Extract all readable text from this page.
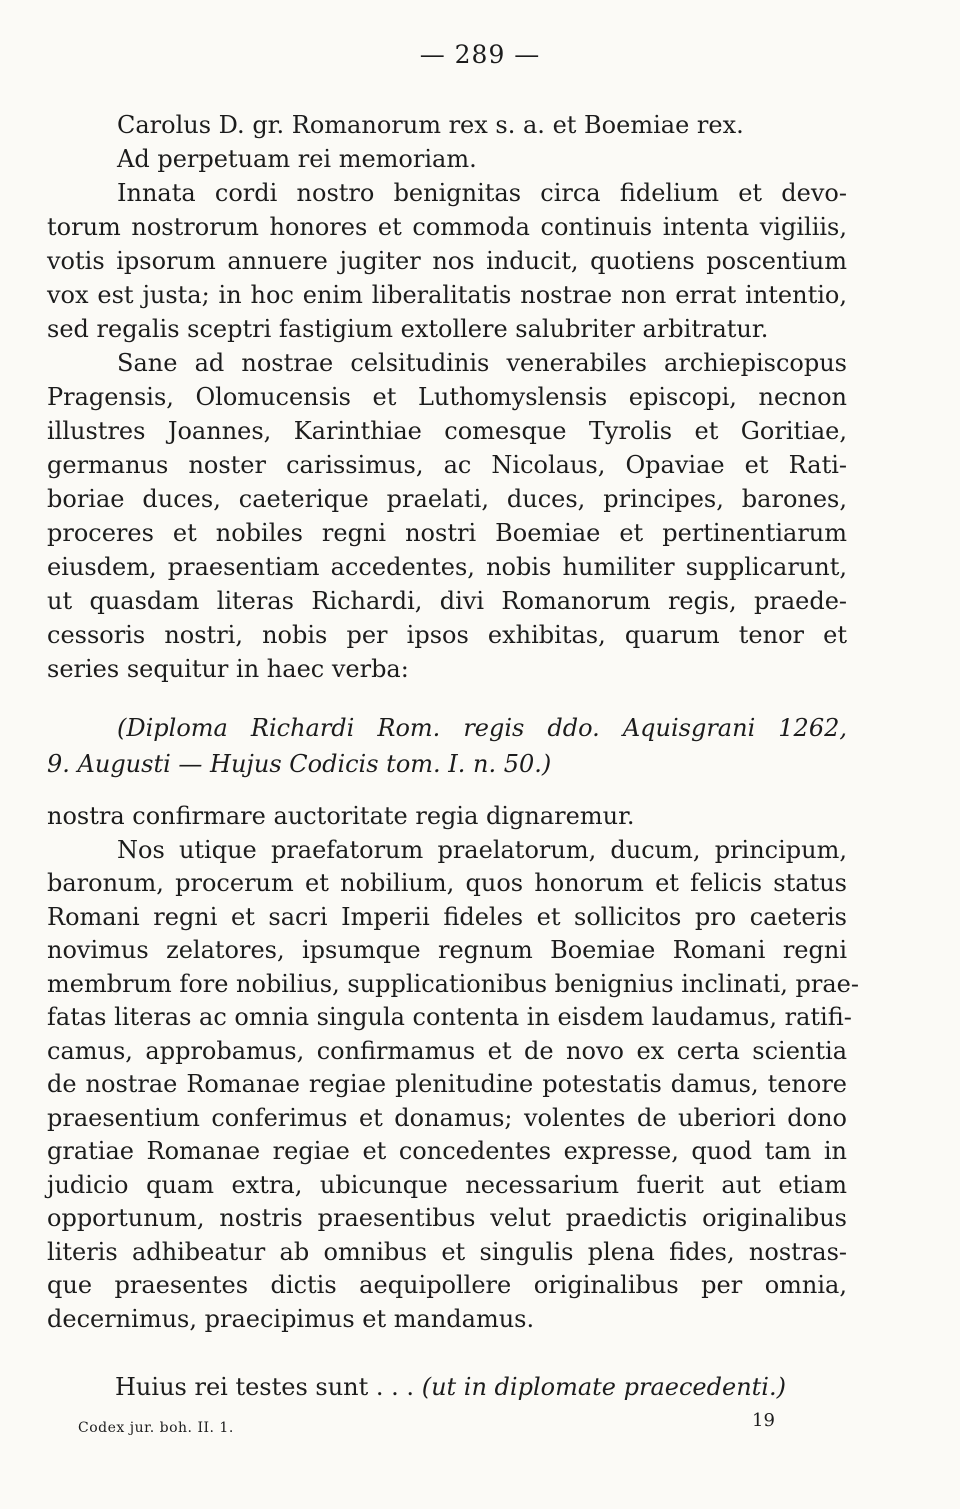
— 289 —
Carolus D. gr. Romanorum rex s. a. et Boemiae rex.
Ad perpetuam rei memoriam.
Innata cordi nostro benignitas circa fidelium et devo-
torum nostrorum honores et commoda continuis intenta vigiliis,
votis ipsorum annuere jugiter nos inducit, quotiens poscentium
vox est justa; in hoc enim liberalitatis nostrae non errat intentio,
sed regalis sceptri fastigium extollere salubriter arbitratur.
Sane ad nostrae celsitudinis venerabiles archiepiscopus
Pragensis, Olomucensis et Luthomyslensis episcopi, necnon
illustres Joannes, Karinthiae comesque Tyrolis et Goritiae,
germanus noster carissimus, ac Nicolaus, Opaviae et Rati-
boriae duces, caeterique praelati, duces, principes, barones,
proceres et nobiles regni nostri Boemiae et pertinentiarum
eiusdem, praesentiam accedentes, nobis humiliter supplicarunt,
ut quasdam literas Richardi, divi Romanorum regis, praede-
cessoris nostri, nobis per ipsos exhibitas, quarum tenor et
series sequitur in haec verba:
(Diploma Richardi Rom. regis ddo. Aquisgrani 1262,
9. Augusti — Hujus Codicis tom. I. n. 50.)
nostra confirmare auctoritate regia dignaremur.
Nos utique praefatorum praelatorum, ducum, principum,
baronum, procerum et nobilium, quos honorum et felicis status
Romani regni et sacri Imperii fideles et sollicitos pro caeteris
novimus zelatores, ipsumque regnum Boemiae Romani regni
membrum fore nobilius, supplicationibus benignius inclinati, prae-
fatas literas ac omnia singula contenta in eisdem laudamus, ratifi-
camus, approbamus, confirmamus et de novo ex certa scientia
de nostrae Romanae regiae plenitudine potestatis damus, tenore
praesentium conferimus et donamus; volentes de uberiori dono
gratiae Romanae regiae et concedentes expresse, quod tam in
judicio quam extra, ubicunque necessarium fuerit aut etiam
opportunum, nostris praesentibus velut praedictis originalibus
literis adhibeatur ab omnibus et singulis plena fides, nostras-
que praesentes dictis aequipollere originalibus per omnia,
decernimus, praecipimus et mandamus.
Huius rei testes sunt . . . (ut in diplomate praecedenti.)
Codex jur. boh. II. 1.	19
